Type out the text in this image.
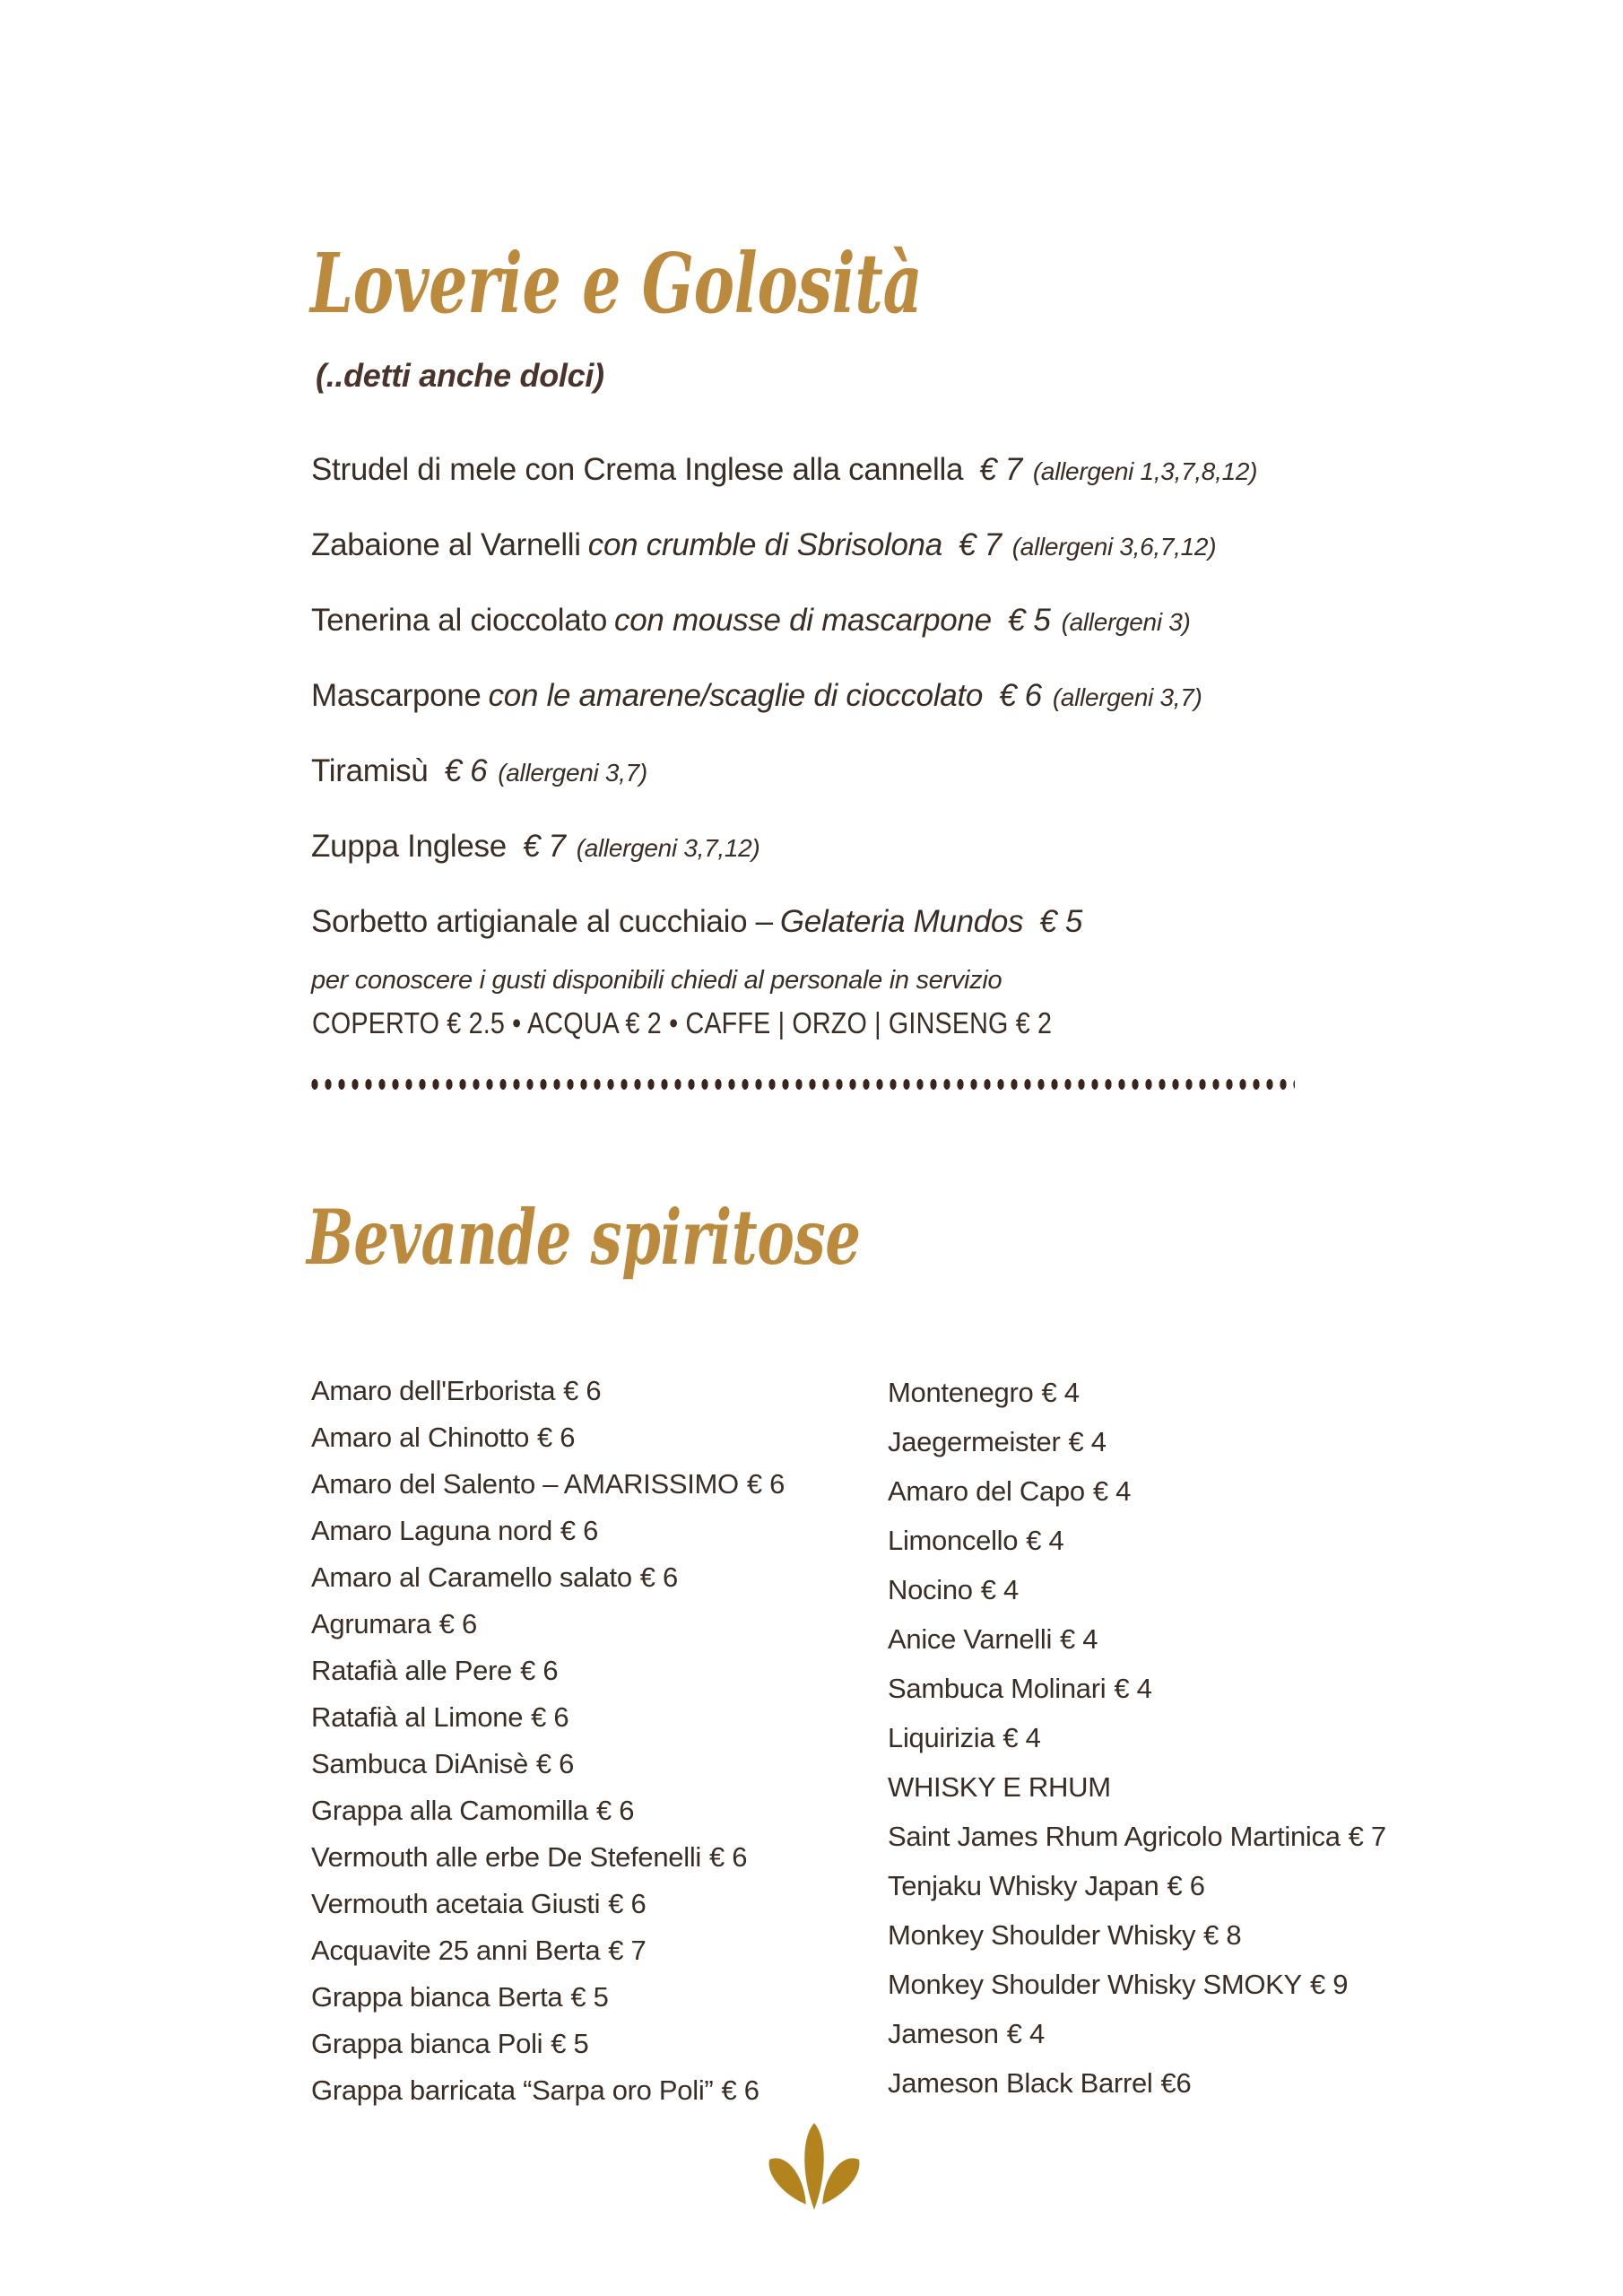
Loverie e Golosità
(..detti anche dolci)
Strudel di mele con Crema Inglese alla cannella € 7 (allergeni 1,3,7,8,12)
Zabaione al Varnelli con crumble di Sbrisolona € 7 (allergeni 3,6,7,12)
Tenerina al cioccolato con mousse di mascarpone € 5 (allergeni 3)
Mascarpone con le amarene/scaglie di cioccolato € 6 (allergeni 3,7)
Tiramisù € 6 (allergeni 3,7)
Zuppa Inglese € 7 (allergeni 3,7,12)
Sorbetto artigianale al cucchiaio – Gelateria Mundos € 5
per conoscere i gusti disponibili chiedi al personale in servizio
COPERTO € 2.5 • ACQUA € 2 • CAFFE | ORZO | GINSENG € 2
Bevande spiritose
Amaro dell'Erborista € 6
Amaro al Chinotto € 6
Amaro del Salento – AMARISSIMO € 6
Amaro Laguna nord € 6
Amaro al Caramello salato € 6
Agrumara € 6
Ratafià alle Pere € 6
Ratafià al Limone € 6
Sambuca DiAnisè € 6
Grappa alla Camomilla € 6
Vermouth alle erbe De Stefenelli € 6
Vermouth acetaia Giusti € 6
Acquavite 25 anni Berta € 7
Grappa bianca Berta € 5
Grappa bianca Poli € 5
Grappa barricata “Sarpa oro Poli” € 6
Montenegro € 4
Jaegermeister € 4
Amaro del Capo € 4
Limoncello € 4
Nocino € 4
Anice Varnelli € 4
Sambuca Molinari € 4
Liquirizia € 4
WHISKY E RHUM
Saint James Rhum Agricolo Martinica € 7
Tenjaku Whisky Japan € 6
Monkey Shoulder Whisky € 8
Monkey Shoulder Whisky SMOKY € 9
Jameson € 4
Jameson Black Barrel €6
